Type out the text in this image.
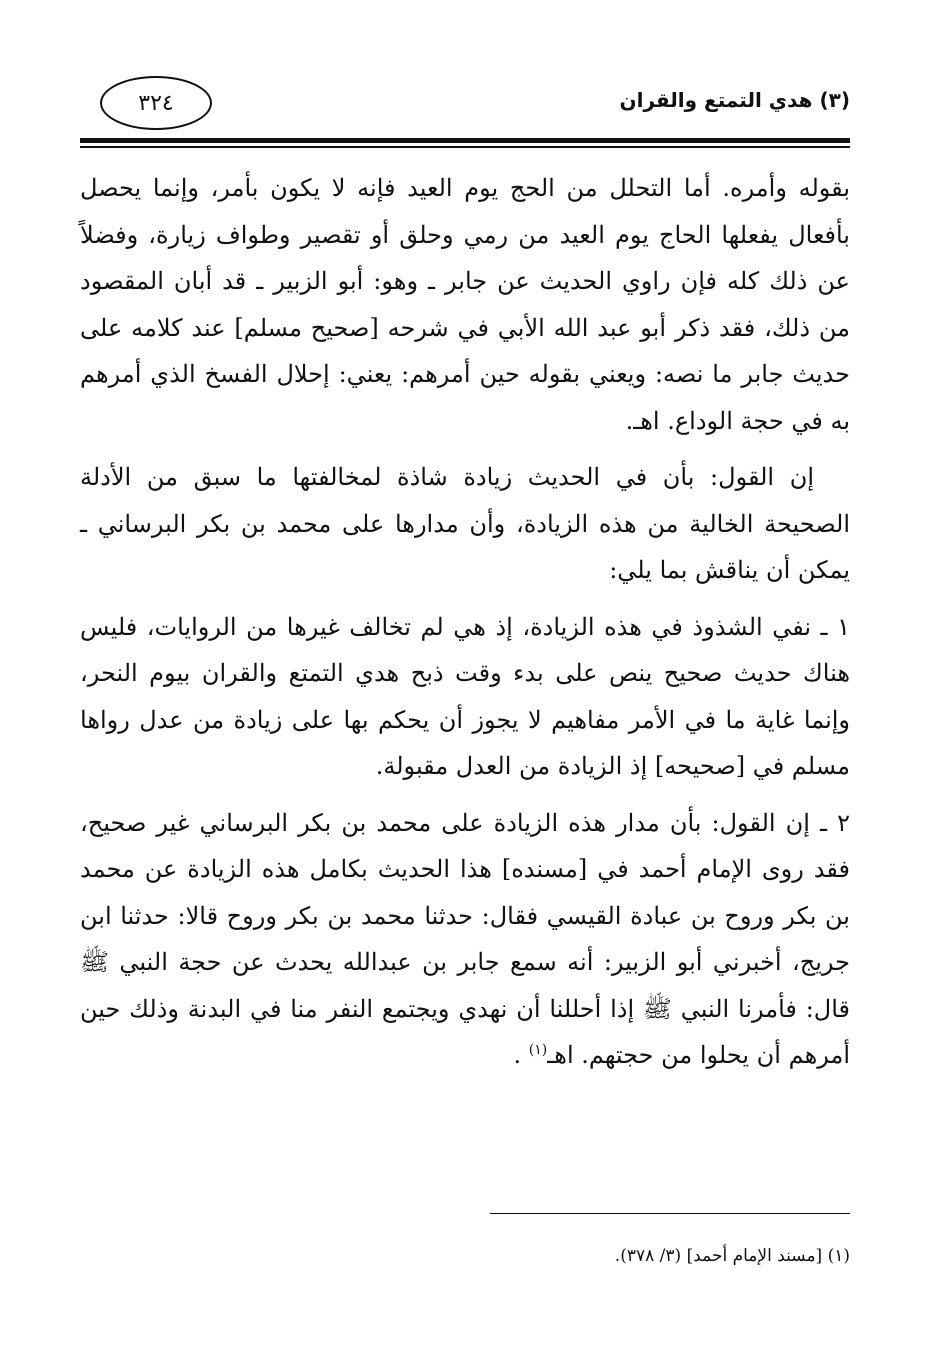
(٣) هدي التمتع والقران
٣٢٤

بقوله وأمره. أما التحلل من الحج يوم العيد فإنه لا يكون بأمر، وإنما يحصل بأفعال يفعلها الحاج يوم العيد من رمي وحلق أو تقصير وطواف زيارة، وفضلاً عن ذلك كله فإن راوي الحديث عن جابر ـ وهو: أبو الزبير ـ قد أبان المقصود من ذلك، فقد ذكر أبو عبد الله الأبي في شرحه [صحيح مسلم] عند كلامه على حديث جابر ما نصه: ويعني بقوله حين أمرهم: يعني: إحلال الفسخ الذي أمرهم به في حجة الوداع. اهـ.

إن القول: بأن في الحديث زيادة شاذة لمخالفتها ما سبق من الأدلة الصحيحة الخالية من هذه الزيادة، وأن مدارها على محمد بن بكر البرساني ـ يمكن أن يناقش بما يلي:

١ ـ نفي الشذوذ في هذه الزيادة، إذ هي لم تخالف غيرها من الروايات، فليس هناك حديث صحيح ينص على بدء وقت ذبح هدي التمتع والقران بيوم النحر، وإنما غاية ما في الأمر مفاهيم لا يجوز أن يحكم بها على زيادة من عدل رواها مسلم في [صحيحه] إذ الزيادة من العدل مقبولة.

٢ ـ إن القول: بأن مدار هذه الزيادة على محمد بن بكر البرساني غير صحيح، فقد روى الإمام أحمد في [مسنده] هذا الحديث بكامل هذه الزيادة عن محمد بن بكر وروح بن عبادة القيسي فقال: حدثنا محمد بن بكر وروح قالا: حدثنا ابن جريج، أخبرني أبو الزبير: أنه سمع جابر بن عبدالله يحدث عن حجة النبي ﷺ قال: فأمرنا النبي ﷺ إذا أحللنا أن نهدي ويجتمع النفر منا في البدنة وذلك حين أمرهم أن يحلوا من حجتهم. اهـ$^{(١)}$ .

(١) [مسند الإمام أحمد] (٣/ ٣٧٨).
